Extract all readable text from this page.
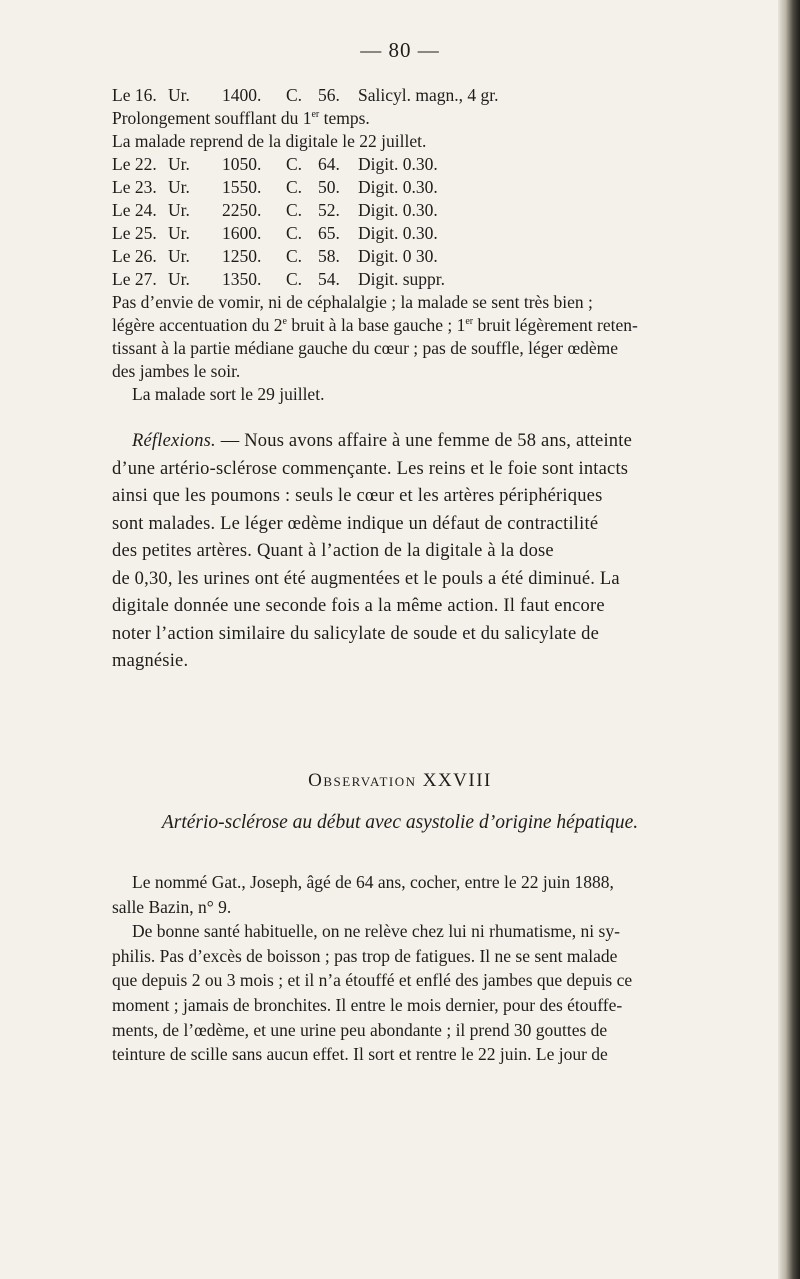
— 80 —
Le 16. Ur. 1400. C. 56. Salicyl. magn., 4 gr.
Prolongement soufflant du 1er temps.
La malade reprend de la digitale le 22 juillet.
Le 22. Ur. 1050. C. 64. Digit. 0.30.
Le 23. Ur. 1550. C. 50. Digit. 0.30.
Le 24. Ur. 2250. C. 52. Digit. 0.30.
Le 25. Ur. 1600. C. 65. Digit. 0.30.
Le 26. Ur. 1250. C. 58. Digit. 0 30.
Le 27. Ur. 1350. C. 54. Digit. suppr.
Pas d’envie de vomir, ni de céphalalgie ; la malade se sent très bien ;
légère accentuation du 2e bruit à la base gauche ; 1er bruit légèrement reten-
tissant à la partie médiane gauche du cœur ; pas de souffle, léger œdème
des jambes le soir.
La malade sort le 29 juillet.
Réflexions. — Nous avons affaire à une femme de 58 ans, atteinte
d’une artério-sclérose commençante. Les reins et le foie sont intacts
ainsi que les poumons : seuls le cœur et les artères périphériques
sont malades. Le léger œdème indique un défaut de contractilité
des petites artères. Quant à l’action de la digitale à la dose
de 0,30, les urines ont été augmentées et le pouls a été diminué. La
digitale donnée une seconde fois a la même action. Il faut encore
noter l’action similaire du salicylate de soude et du salicylate de
magnésie.
Observation XXVIII
Artério-sclérose au début avec asystolie d’origine hépatique.
Le nommé Gat., Joseph, âgé de 64 ans, cocher, entre le 22 juin 1888,
salle Bazin, n° 9.
De bonne santé habituelle, on ne relève chez lui ni rhumatisme, ni sy-
philis. Pas d’excès de boisson ; pas trop de fatigues. Il ne se sent malade
que depuis 2 ou 3 mois ; et il n’a étouffé et enflé des jambes que depuis ce
moment ; jamais de bronchites. Il entre le mois dernier, pour des étouffe-
ments, de l’œdème, et une urine peu abondante ; il prend 30 gouttes de
teinture de scille sans aucun effet. Il sort et rentre le 22 juin. Le jour de
